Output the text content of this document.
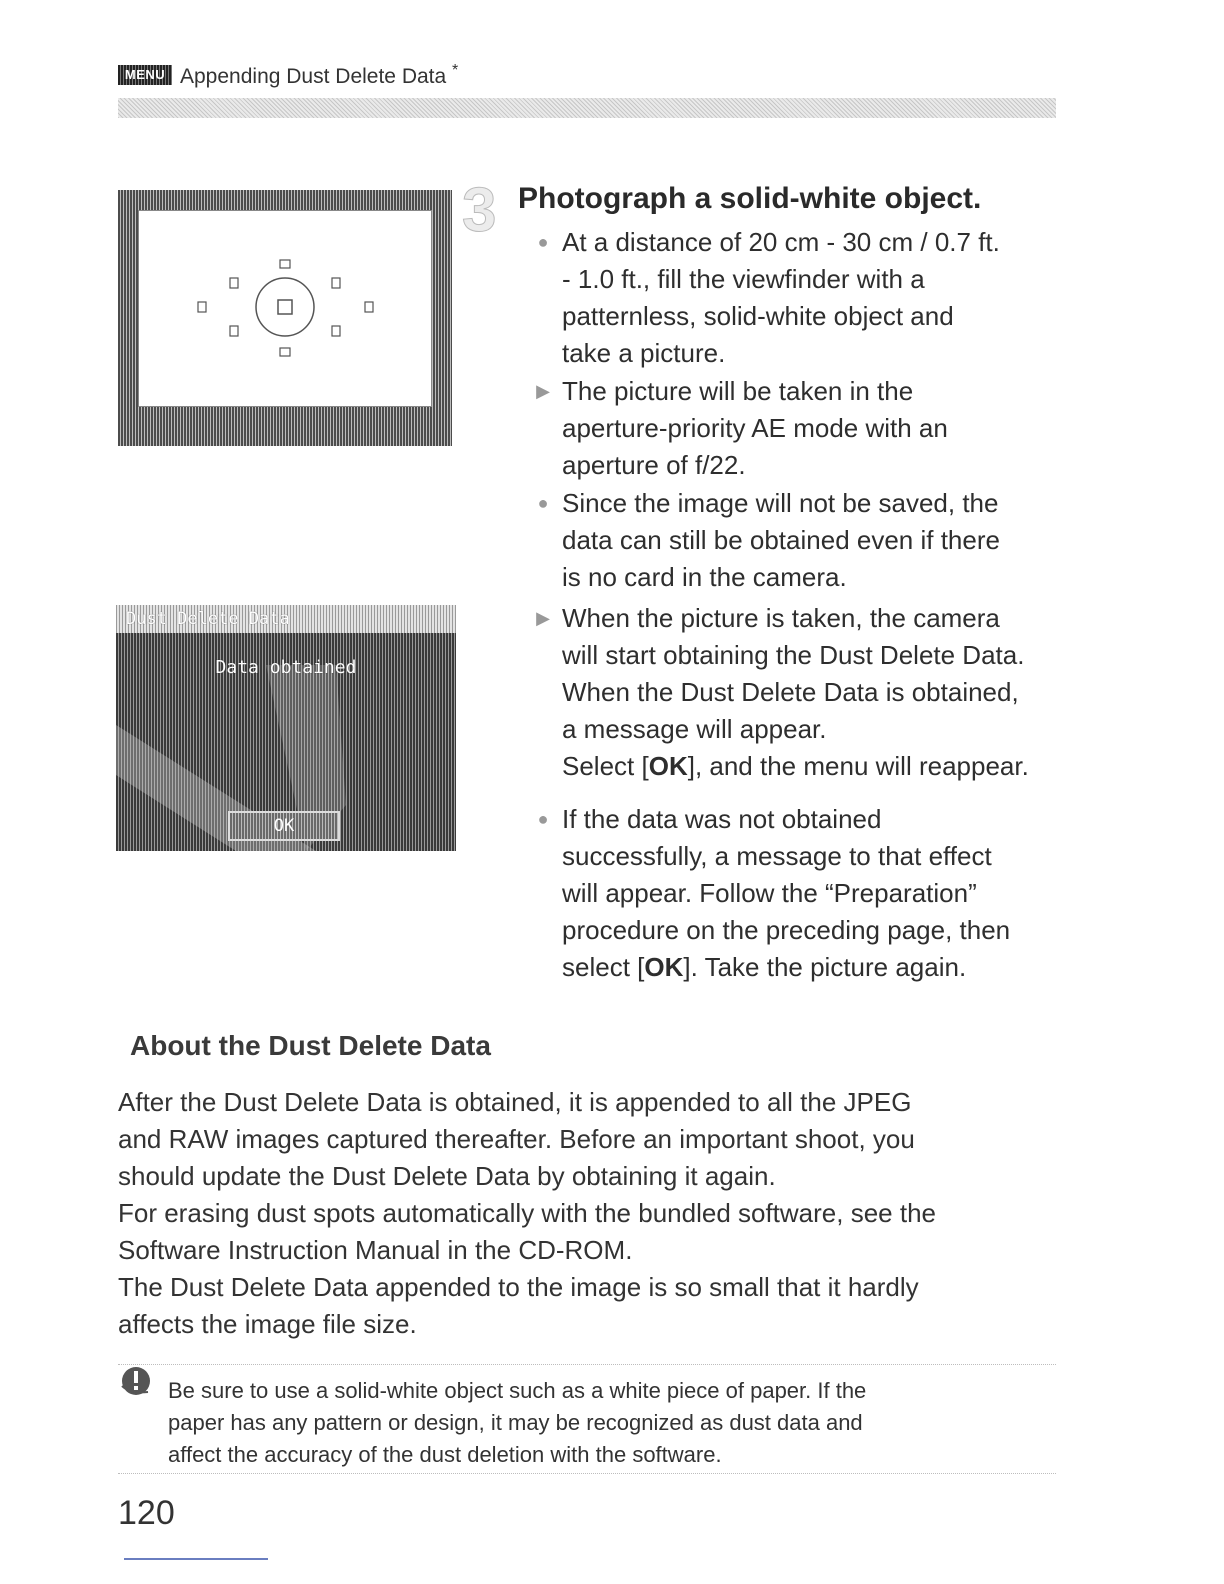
MENU Appending Dust Delete Data *
Dust Delete Data
Data obtained
OK
3 Photograph a solid-white object.
● At a distance of 20 cm - 30 cm / 0.7 ft.
- 1.0 ft., fill the viewfinder with a
patternless, solid-white object and
take a picture.
▶ The picture will be taken in the
aperture-priority AE mode with an
aperture of f/22.
● Since the image will not be saved, the
data can still be obtained even if there
is no card in the camera.
▶ When the picture is taken, the camera
will start obtaining the Dust Delete Data.
When the Dust Delete Data is obtained,
a message will appear.
Select [OK], and the menu will reappear.
● If the data was not obtained
successfully, a message to that effect
will appear. Follow the “Preparation”
procedure on the preceding page, then
select [OK]. Take the picture again.
About the Dust Delete Data
After the Dust Delete Data is obtained, it is appended to all the JPEG
and RAW images captured thereafter. Before an important shoot, you
should update the Dust Delete Data by obtaining it again.
For erasing dust spots automatically with the bundled software, see the
Software Instruction Manual in the CD-ROM.
The Dust Delete Data appended to the image is so small that it hardly
affects the image file size.
Be sure to use a solid-white object such as a white piece of paper. If the
paper has any pattern or design, it may be recognized as dust data and
affect the accuracy of the dust deletion with the software.
120
